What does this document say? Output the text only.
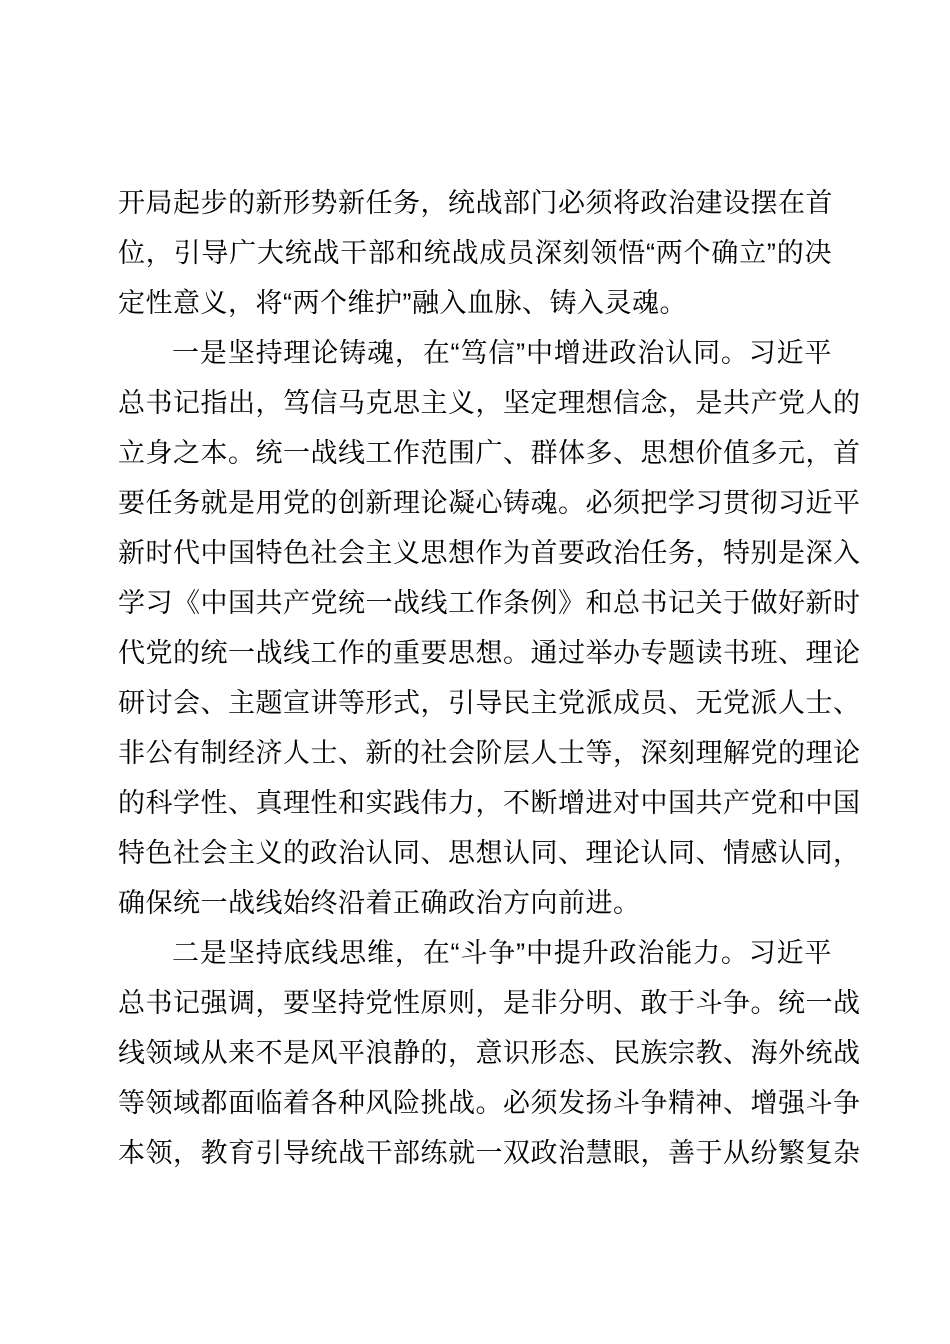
开局起步的新形势新任务，统战部门必须将政治建设摆在首
位，引导广大统战干部和统战成员深刻领悟“两个确立”的决
定性意义，将“两个维护”融入血脉、铸入灵魂。
一是坚持理论铸魂，在“笃信”中增进政治认同。习近平
总书记指出，笃信马克思主义，坚定理想信念，是共产党人的
立身之本。统一战线工作范围广、群体多、思想价值多元，首
要任务就是用党的创新理论凝心铸魂。必须把学习贯彻习近平
新时代中国特色社会主义思想作为首要政治任务，特别是深入
学习《中国共产党统一战线工作条例》和总书记关于做好新时
代党的统一战线工作的重要思想。通过举办专题读书班、理论
研讨会、主题宣讲等形式，引导民主党派成员、无党派人士、
非公有制经济人士、新的社会阶层人士等，深刻理解党的理论
的科学性、真理性和实践伟力，不断增进对中国共产党和中国
特色社会主义的政治认同、思想认同、理论认同、情感认同，
确保统一战线始终沿着正确政治方向前进。
二是坚持底线思维，在“斗争”中提升政治能力。习近平
总书记强调，要坚持党性原则，是非分明、敢于斗争。统一战
线领域从来不是风平浪静的，意识形态、民族宗教、海外统战
等领域都面临着各种风险挑战。必须发扬斗争精神、增强斗争
本领，教育引导统战干部练就一双政治慧眼，善于从纷繁复杂
